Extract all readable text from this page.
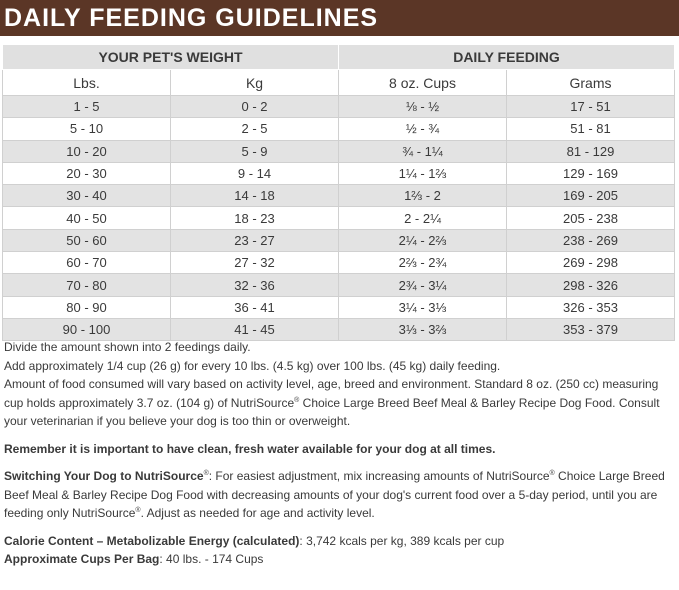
DAILY FEEDING GUIDELINES
YOUR PET'S WEIGHT		DAILY FEEDING	
Lbs.	Kg	8 oz. Cups	Grams
1 - 5	0 - 2	⅛ - ½	17 - 51
5 - 10	2 - 5	½ - ¾	51 - 81
10 - 20	5 - 9	¾ - 1¼	81 - 129
20 - 30	9 - 14	1¼ - 1⅔	129 - 169
30 - 40	14 - 18	1⅔ - 2	169 - 205
40 - 50	18 - 23	2 - 2¼	205 - 238
50 - 60	23 - 27	2¼ - 2⅔	238 - 269
60 - 70	27 - 32	2⅔ - 2¾	269 - 298
70 - 80	32 - 36	2¾ - 3¼	298 - 326
80 - 90	36 - 41	3¼ - 3⅓	326 - 353
90 - 100	41 - 45	3⅓ - 3⅔	353 - 379

Divide the amount shown into 2 feedings daily.

Add approximately 1/4 cup (26 g) for every 10 lbs. (4.5 kg) over 100 lbs. (45 kg) daily feeding.

Amount of food consumed will vary based on activity level, age, breed and environment. Standard 8 oz. (250 cc) measuring cup holds approximately 3.7 oz. (104 g) of NutriSource® Choice Large Breed Beef Meal & Barley Recipe Dog Food. Consult your veterinarian if you believe your dog is too thin or overweight.

Remember it is important to have clean, fresh water available for your dog at all times.

Switching Your Dog to NutriSource®: For easiest adjustment, mix increasing amounts of NutriSource® Choice Large Breed Beef Meal & Barley Recipe Dog Food with decreasing amounts of your dog's current food over a 5-day period, until you are feeding only NutriSource®. Adjust as needed for age and activity level.

Calorie Content – Metabolizable Energy (calculated): 3,742 kcals per kg, 389 kcals per cup

Approximate Cups Per Bag: 40 lbs. - 174 Cups
